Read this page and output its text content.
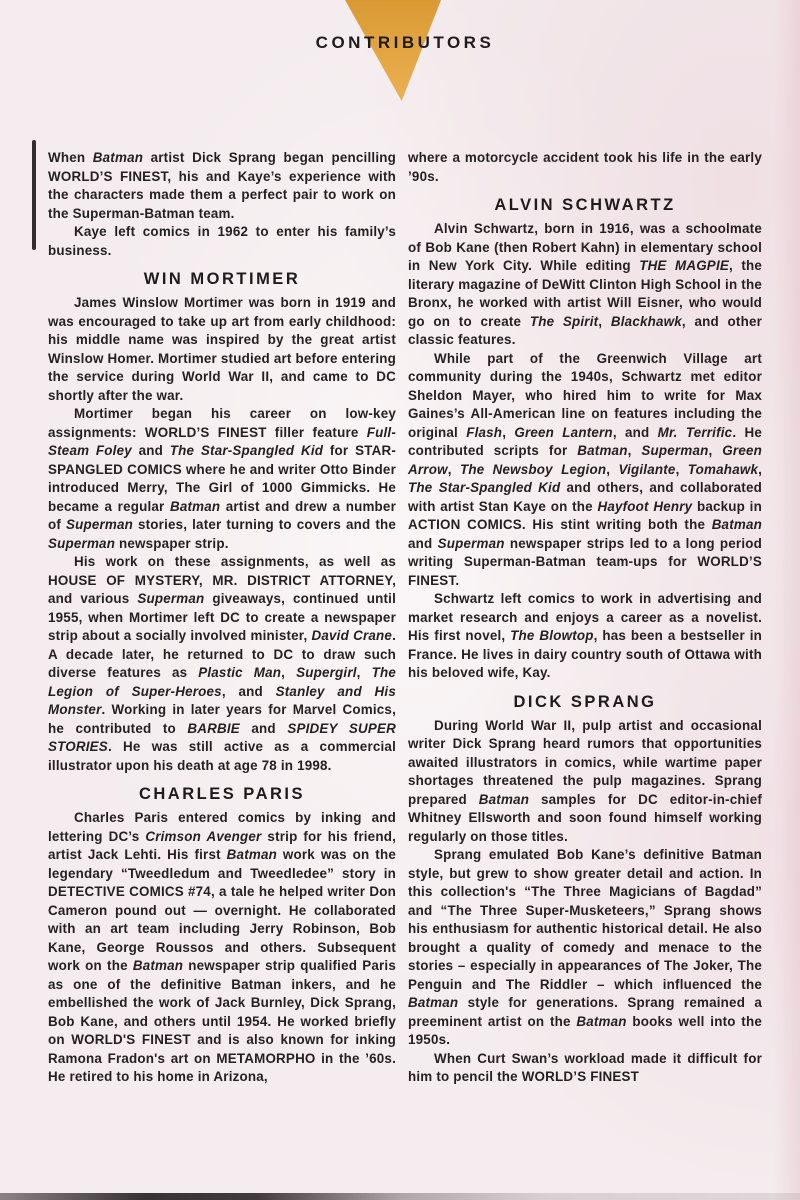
CONTRIBUTORS

When Batman artist Dick Sprang began pencilling WORLD’S FINEST, his and Kaye’s experience with the characters made them a perfect pair to work on the Superman-Batman team.

Kaye left comics in 1962 to enter his family’s business.

WIN MORTIMER

James Winslow Mortimer was born in 1919 and was encouraged to take up art from early childhood: his middle name was inspired by the great artist Winslow Homer. Mortimer studied art before entering the service during World War II, and came to DC shortly after the war.

Mortimer began his career on low-key assignments: WORLD’S FINEST filler feature Full-Steam Foley and The Star-Spangled Kid for STAR-SPANGLED COMICS where he and writer Otto Binder introduced Merry, The Girl of 1000 Gimmicks. He became a regular Batman artist and drew a number of Superman stories, later turning to covers and the Superman newspaper strip.

His work on these assignments, as well as HOUSE OF MYSTERY, MR. DISTRICT ATTORNEY, and various Superman giveaways, continued until 1955, when Mortimer left DC to create a newspaper strip about a socially involved minister, David Crane. A decade later, he returned to DC to draw such diverse features as Plastic Man, Supergirl, The Legion of Super-Heroes, and Stanley and His Monster. Working in later years for Marvel Comics, he contributed to BARBIE and SPIDEY SUPER STORIES. He was still active as a commercial illustrator upon his death at age 78 in 1998.

CHARLES PARIS

Charles Paris entered comics by inking and lettering DC’s Crimson Avenger strip for his friend, artist Jack Lehti. His first Batman work was on the legendary “Tweedledum and Tweedledee” story in DETECTIVE COMICS #74, a tale he helped writer Don Cameron pound out — overnight. He collaborated with an art team including Jerry Robinson, Bob Kane, George Roussos and others. Subsequent work on the Batman newspaper strip qualified Paris as one of the definitive Batman inkers, and he embellished the work of Jack Burnley, Dick Sprang, Bob Kane, and others until 1954. He worked briefly on WORLD'S FINEST and is also known for inking Ramona Fradon's art on METAMORPHO in the ’60s. He retired to his home in Arizona,

where a motorcycle accident took his life in the early ’90s.

ALVIN SCHWARTZ

Alvin Schwartz, born in 1916, was a schoolmate of Bob Kane (then Robert Kahn) in elementary school in New York City. While editing THE MAGPIE, the literary magazine of DeWitt Clinton High School in the Bronx, he worked with artist Will Eisner, who would go on to create The Spirit, Blackhawk, and other classic features.

While part of the Greenwich Village art community during the 1940s, Schwartz met editor Sheldon Mayer, who hired him to write for Max Gaines’s All-American line on features including the original Flash, Green Lantern, and Mr. Terrific. He contributed scripts for Batman, Superman, Green Arrow, The Newsboy Legion, Vigilante, Tomahawk, The Star-Spangled Kid and others, and collaborated with artist Stan Kaye on the Hayfoot Henry backup in ACTION COMICS. His stint writing both the Batman and Superman newspaper strips led to a long period writing Superman-Batman team-ups for WORLD’S FINEST.

Schwartz left comics to work in advertising and market research and enjoys a career as a novelist. His first novel, The Blowtop, has been a bestseller in France. He lives in dairy country south of Ottawa with his beloved wife, Kay.

DICK SPRANG

During World War II, pulp artist and occasional writer Dick Sprang heard rumors that opportunities awaited illustrators in comics, while wartime paper shortages threatened the pulp magazines. Sprang prepared Batman samples for DC editor-in-chief Whitney Ellsworth and soon found himself working regularly on those titles.

Sprang emulated Bob Kane’s definitive Batman style, but grew to show greater detail and action. In this collection's “The Three Magicians of Bagdad” and “The Three Super-Musketeers,” Sprang shows his enthusiasm for authentic historical detail. He also brought a quality of comedy and menace to the stories – especially in appearances of The Joker, The Penguin and The Riddler – which influenced the Batman style for generations. Sprang remained a preeminent artist on the Batman books well into the 1950s.

When Curt Swan’s workload made it difficult for him to pencil the WORLD’S FINEST
